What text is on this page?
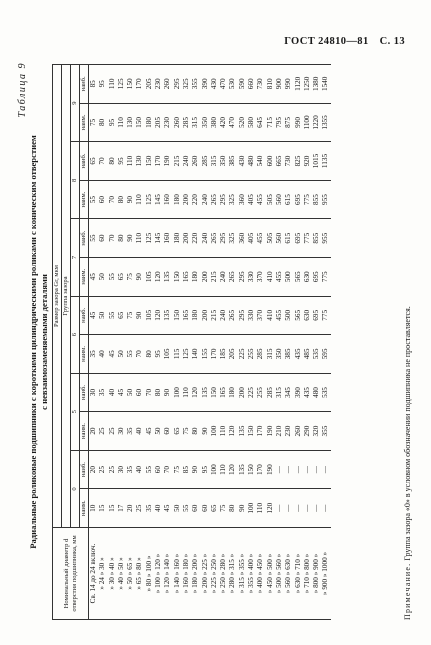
ГОСТ 24810—81 С. 13
Таблица 9
Радиальные роликовые подшипники с короткими цилиндрическими роликами с коническим отверстием с невзаимозаменяемыми деталями
Номинальный диаметр d отверстия подшипника, мм	Размер зазора Gr, мкм											
	Группа зазора											
	0		5		6		7		8		9	
	наим.	наиб.	наим.	наиб.	наим.	наиб.	наим.	наиб.	наим.	наиб.	наим.	наиб.
Св. 14 до 24 включ.	10	20	20	30	35	45	45	55	55	65	75	85
» 24 » 30 »	15	25	25	35	40	50	50	60	60	70	80	95
» 30 » 40 »	15	25	25	40	45	55	55	70	70	80	95	110
» 40 » 50 »	17	30	30	45	50	65	65	80	80	95	110	125
» 50 » 65 »	20	35	35	50	55	75	75	90	90	110	130	150
» 65 » 80 »	25	40	40	60	70	90	90	110	110	130	150	170
» 80 » 100 »	35	55	45	70	80	105	105	125	125	150	180	205
» 100 » 120 »	40	60	50	80	95	120	120	145	145	170	205	230
» 120 » 140 »	45	70	60	90	105	135	135	160	160	190	230	260
» 140 » 160 »	50	75	65	100	115	150	150	180	180	215	260	295
» 160 » 180 »	55	85	75	110	125	165	165	200	200	240	285	325
» 180 » 200 »	60	90	80	120	140	180	180	220	220	260	315	355
» 200 » 225 »	60	95	90	135	155	200	200	240	240	285	350	390
» 225 » 250 »	65	100	100	150	170	215	215	265	265	315	380	430
» 250 » 280 »	75	110	110	165	185	240	240	295	295	350	420	470
» 280 » 315 »	80	120	120	180	205	265	265	325	325	385	470	530
» 315 » 355 »	90	135	135	200	225	295	295	360	360	430	520	590
» 355 » 400 »	100	150	150	225	255	330	330	405	405	480	580	660
» 400 » 450 »	110	170	170	255	285	370	370	455	455	540	645	730
» 450 » 500 »	120	190	190	285	315	410	410	505	505	600	715	810
» 500 » 560 »	—	—	210	315	350	455	455	560	560	665	795	900
» 560 » 630 »	—	—	230	345	385	500	500	615	615	730	875	990
» 630 » 710 »	—	—	260	390	435	565	565	695	695	825	990	1120
» 710 » 800 »	—	—	290	435	485	630	630	775	775	920	1100	1250
» 800 » 900 »	—	—	320	480	535	695	695	855	855	1015	1220	1380
» 900 » 1000 »	—	—	355	535	595	775	775	955	955	1135	1355	1540
Примечание. Группа зазора «0» в условном обозначении подшипника не проставляется.
